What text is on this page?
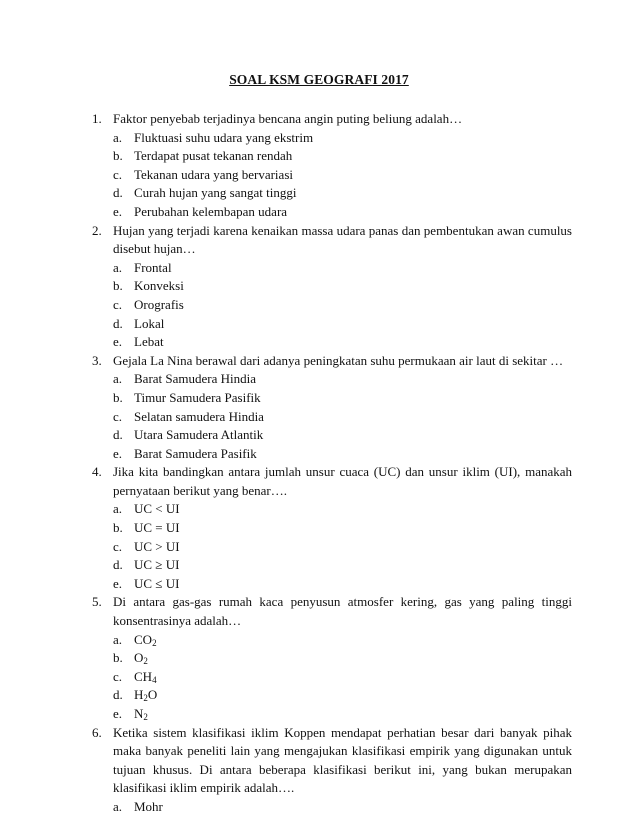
SOAL KSM GEOGRAFI 2017
1. Faktor penyebab terjadinya bencana angin puting beliung adalah…
a. Fluktuasi suhu udara yang ekstrim
b. Terdapat pusat tekanan rendah
c. Tekanan udara yang bervariasi
d. Curah hujan yang sangat tinggi
e. Perubahan kelembapan udara
2. Hujan yang terjadi karena kenaikan massa udara panas dan pembentukan awan cumulus disebut hujan…
a. Frontal
b. Konveksi
c. Orografis
d. Lokal
e. Lebat
3. Gejala La Nina berawal dari adanya peningkatan suhu permukaan air laut di sekitar …
a. Barat Samudera Hindia
b. Timur Samudera Pasifik
c. Selatan samudera Hindia
d. Utara Samudera Atlantik
e. Barat Samudera Pasifik
4. Jika kita bandingkan antara jumlah unsur cuaca (UC) dan unsur iklim (UI), manakah pernyataan berikut yang benar….
a. UC < UI
b. UC = UI
c. UC > UI
d. UC ≥ UI
e. UC ≤ UI
5. Di antara gas-gas rumah kaca penyusun atmosfer kering, gas yang paling tinggi konsentrasinya adalah…
a. $CO_2$
b. $O_2$
c. $CH_4$
d. $H_2O$
e. $N_2$
6. Ketika sistem klasifikasi iklim Koppen mendapat perhatian besar dari banyak pihak maka banyak peneliti lain yang mengajukan klasifikasi empirik yang digunakan untuk tujuan khusus. Di antara beberapa klasifikasi berikut ini, yang bukan merupakan klasifikasi iklim empirik adalah….
a. Mohr
